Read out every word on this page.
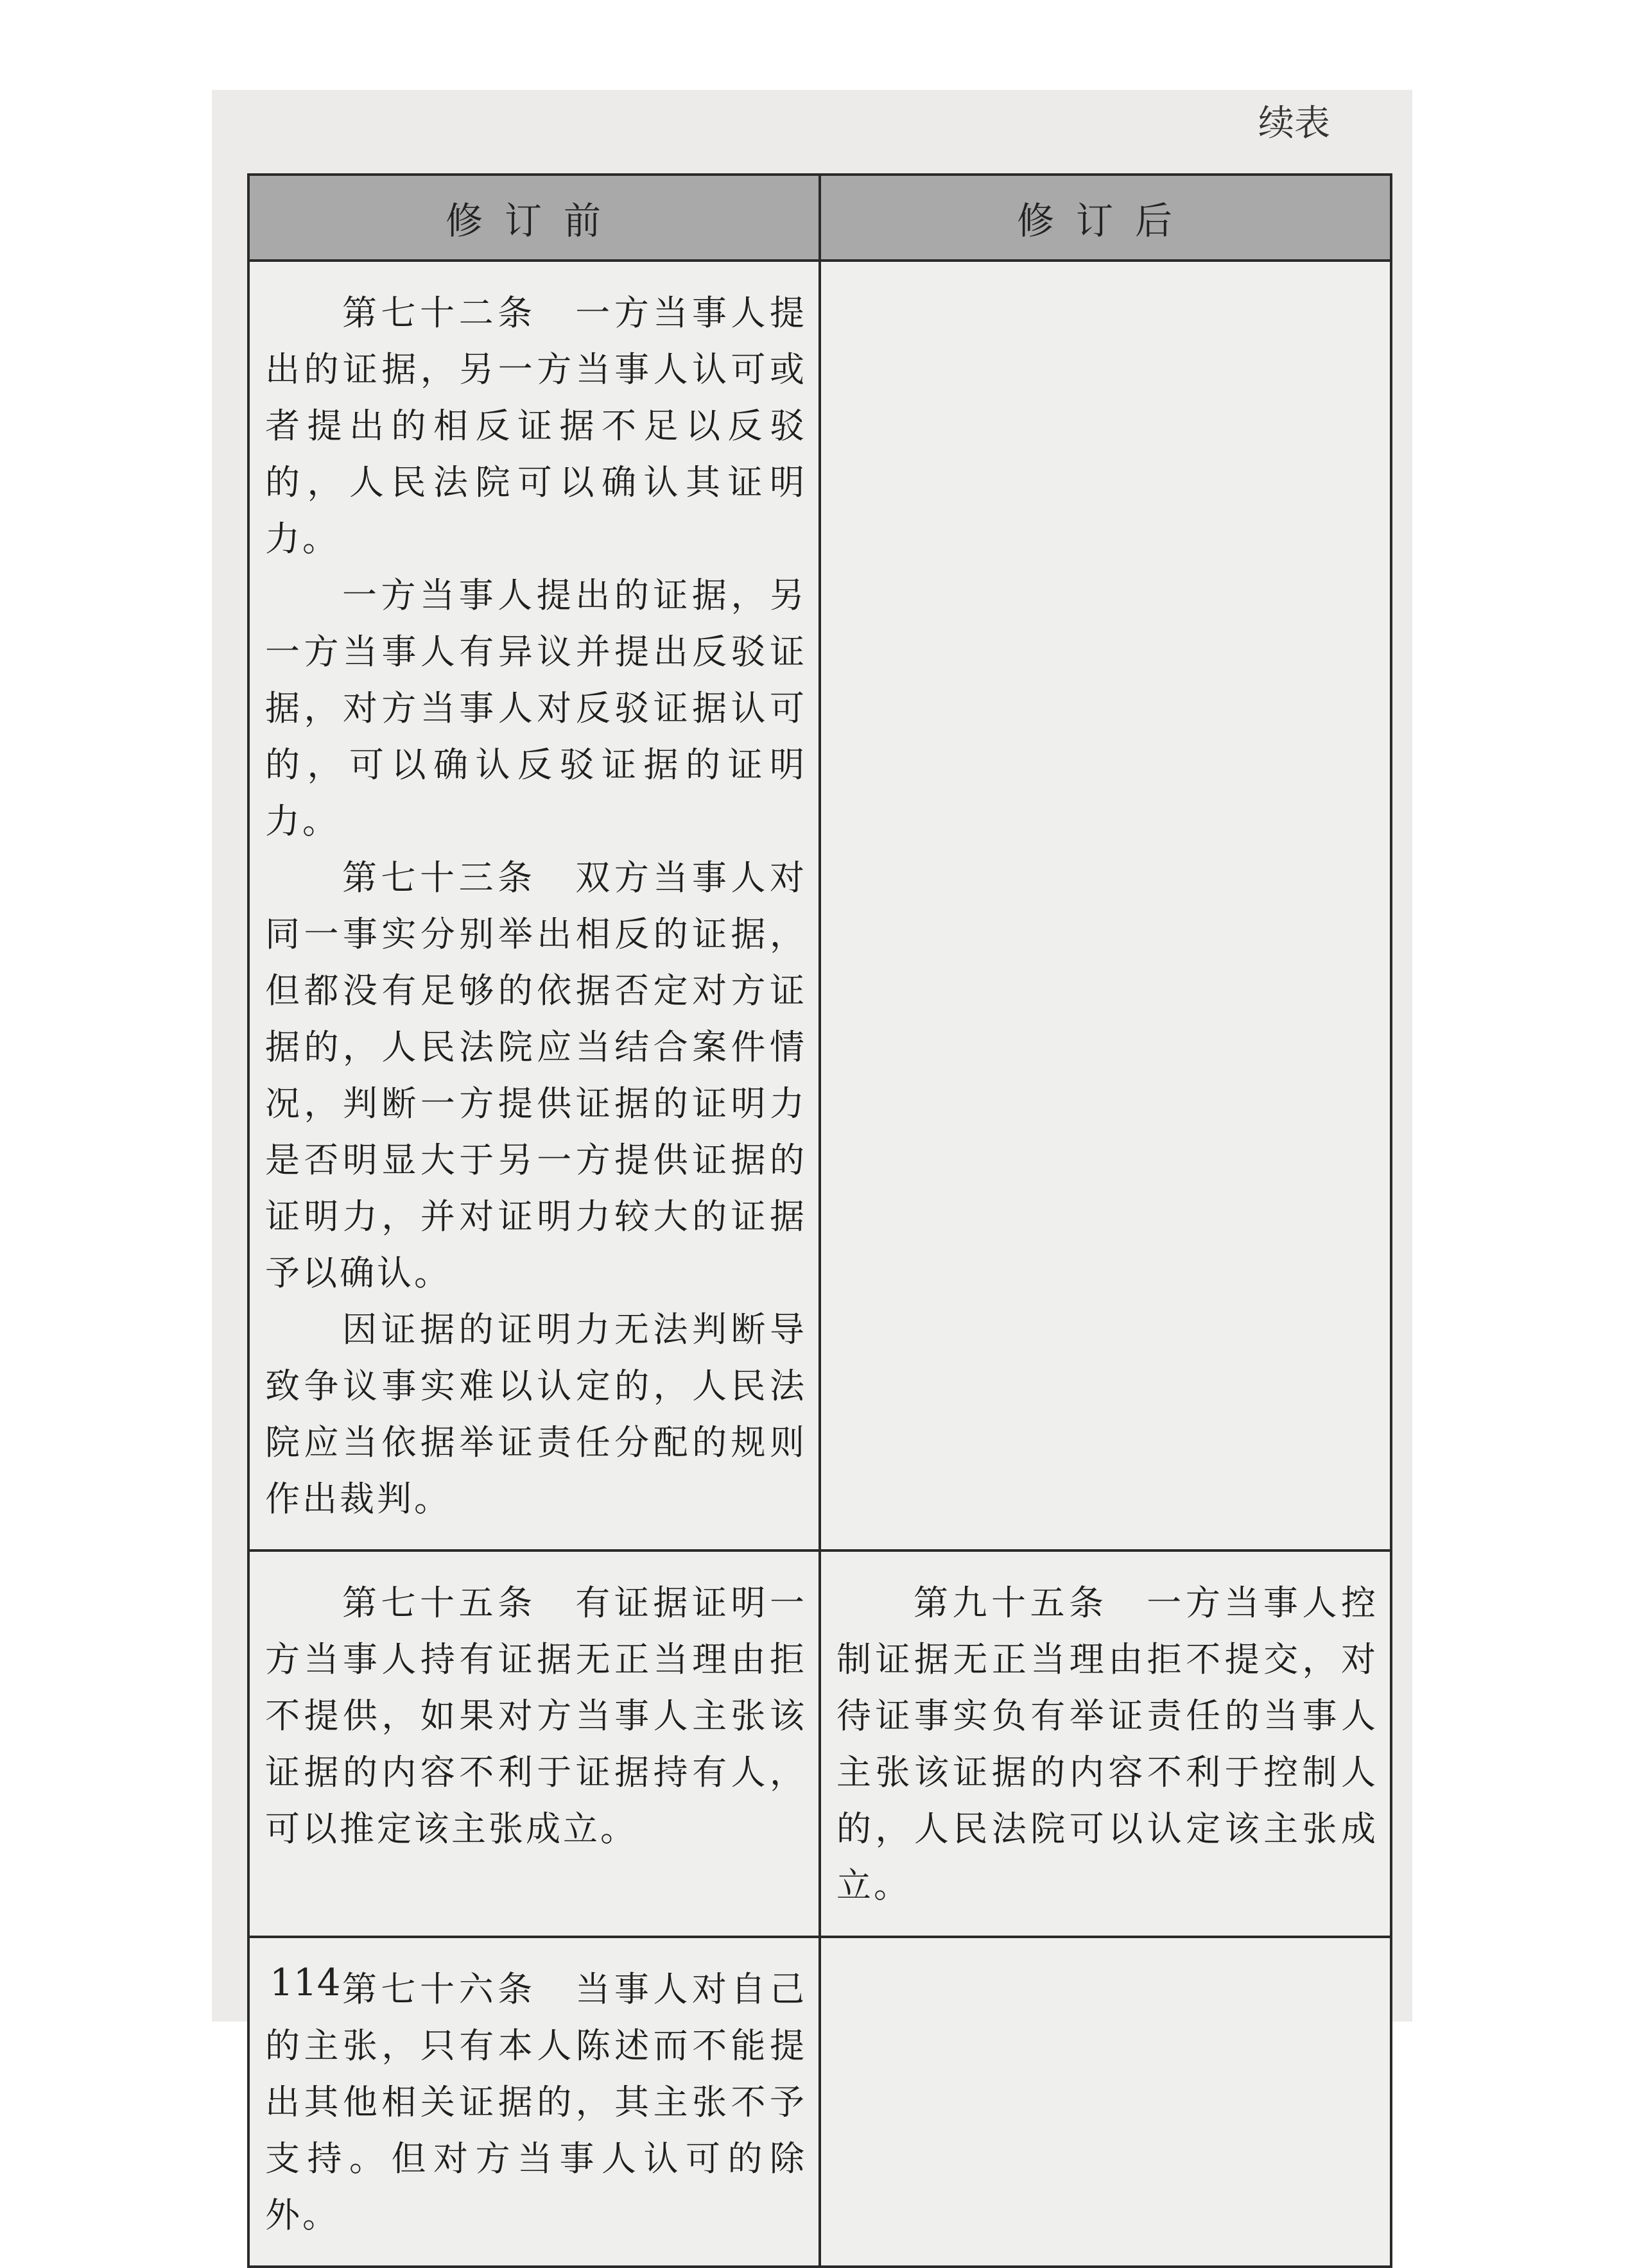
续表
修订前	修订后

第七十二条　一方当事人提出的证据，另一方当事人认可或者提出的相反证据不足以反驳的，人民法院可以确认其证明力。

一方当事人提出的证据，另一方当事人有异议并提出反驳证据，对方当事人对反驳证据认可的，可以确认反驳证据的证明力。

第七十三条　双方当事人对同一事实分别举出相反的证据，但都没有足够的依据否定对方证据的，人民法院应当结合案件情况，判断一方提供证据的证明力是否明显大于另一方提供证据的证明力，并对证明力较大的证据予以确认。

因证据的证明力无法判断导致争议事实难以认定的，人民法院应当依据举证责任分配的规则作出裁判。	

第七十五条　有证据证明一方当事人持有证据无正当理由拒不提供，如果对方当事人主张该证据的内容不利于证据持有人，可以推定该主张成立。	第九十五条　一方当事人控制证据无正当理由拒不提交，对待证事实负有举证责任的当事人主张该证据的内容不利于控制人的，人民法院可以认定该主张成立。

第七十六条　当事人对自己的主张，只有本人陈述而不能提出其他相关证据的，其主张不予支持。但对方当事人认可的除外。	

114
